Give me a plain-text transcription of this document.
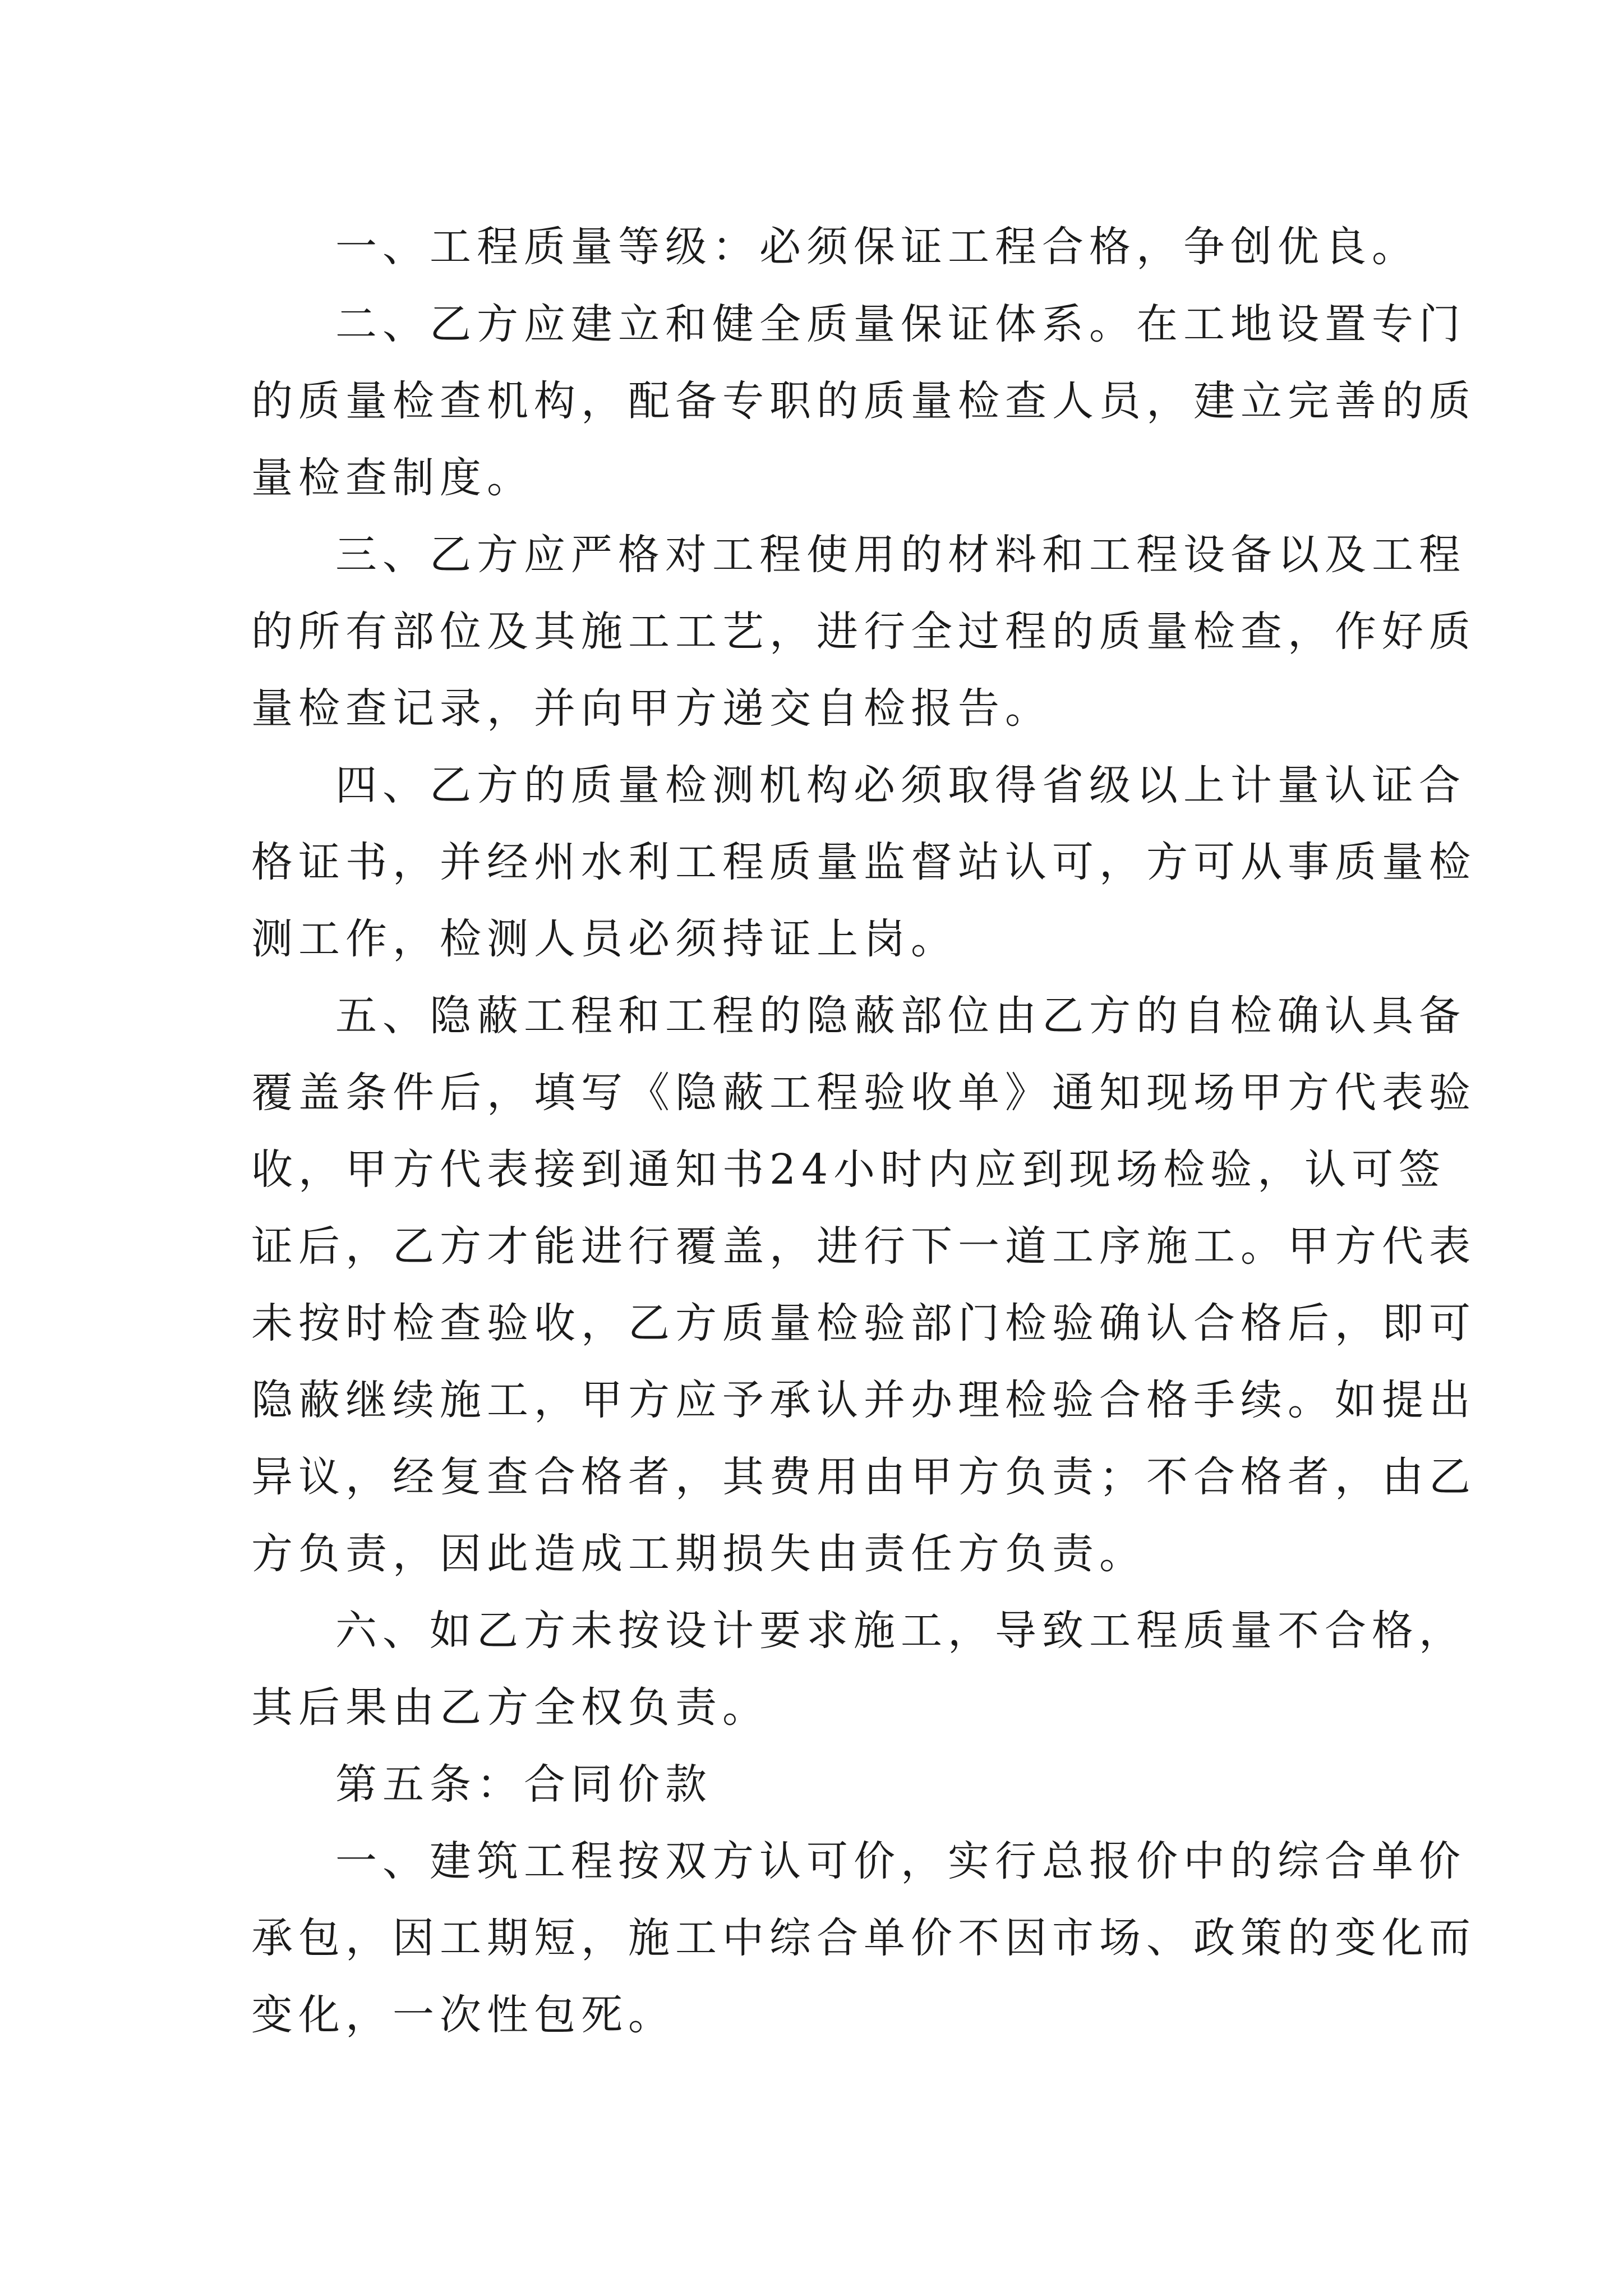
一、工程质量等级：必须保证工程合格，争创优良。
二、乙方应建立和健全质量保证体系。在工地设置专门
的质量检查机构，配备专职的质量检查人员，建立完善的质
量检查制度。
三、乙方应严格对工程使用的材料和工程设备以及工程
的所有部位及其施工工艺，进行全过程的质量检查，作好质
量检查记录，并向甲方递交自检报告。
四、乙方的质量检测机构必须取得省级以上计量认证合
格证书，并经州水利工程质量监督站认可，方可从事质量检
测工作，检测人员必须持证上岗。
五、隐蔽工程和工程的隐蔽部位由乙方的自检确认具备
覆盖条件后，填写《隐蔽工程验收单》通知现场甲方代表验
收，甲方代表接到通知书24小时内应到现场检验，认可签
证后，乙方才能进行覆盖，进行下一道工序施工。甲方代表
未按时检查验收，乙方质量检验部门检验确认合格后，即可
隐蔽继续施工，甲方应予承认并办理检验合格手续。如提出
异议，经复查合格者，其费用由甲方负责；不合格者，由乙
方负责，因此造成工期损失由责任方负责。
六、如乙方未按设计要求施工，导致工程质量不合格，
其后果由乙方全权负责。
第五条：合同价款
一、建筑工程按双方认可价，实行总报价中的综合单价
承包，因工期短，施工中综合单价不因市场、政策的变化而
变化，一次性包死。
